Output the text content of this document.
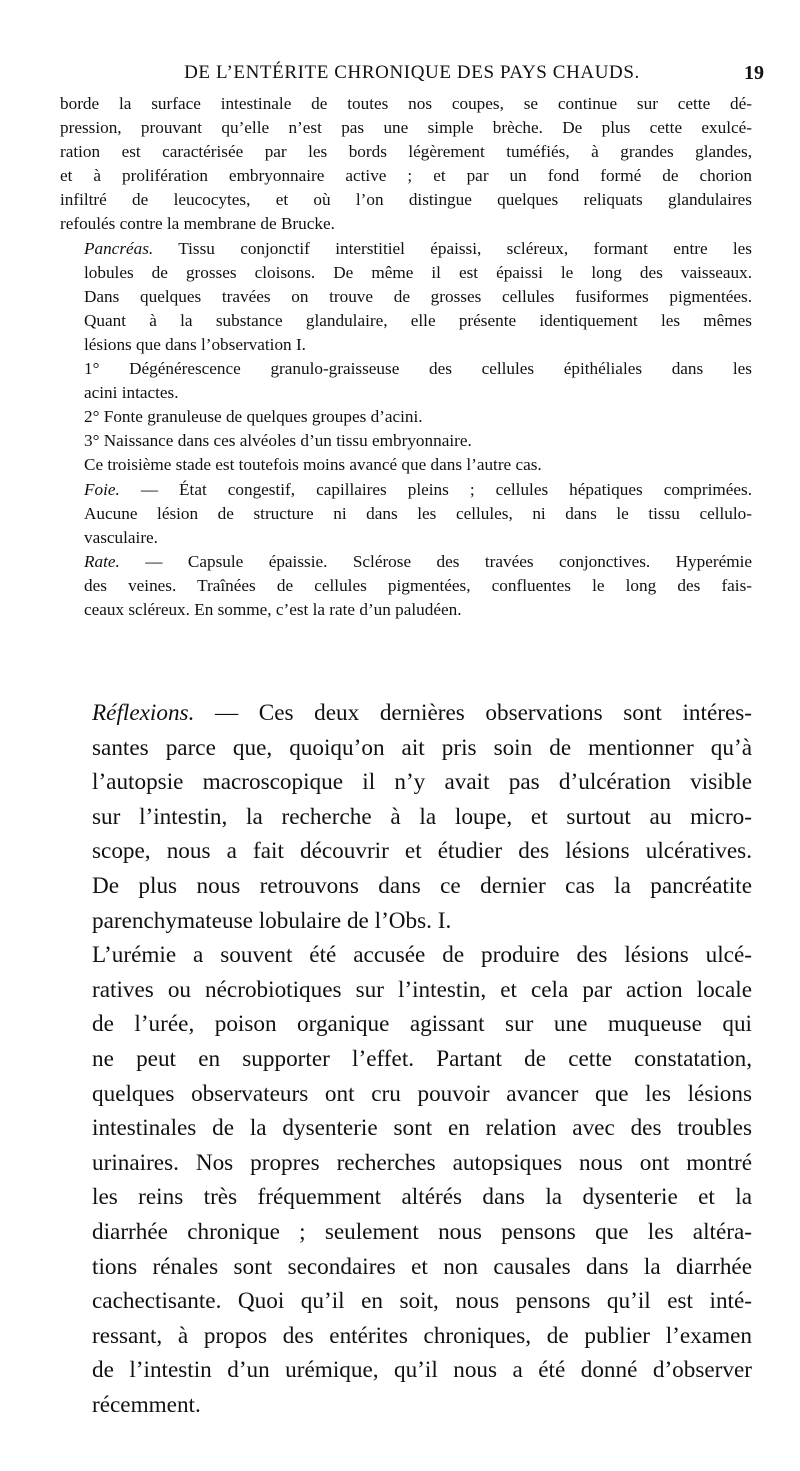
DE L’ENTÉRITE CHRONIQUE DES PAYS CHAUDS.	19

borde la surface intestinale de toutes nos coupes, se continue sur cette dé-
pression, prouvant qu’elle n’est pas une simple brèche. De plus cette exulcé-
ration est caractérisée par les bords légèrement tuméfiés, à grandes glandes,
et à prolifération embryonnaire active ; et par un fond formé de chorion
infiltré de leucocytes, et où l’on distingue quelques reliquats glandulaires
refoulés contre la membrane de Brucke.

Pancréas. Tissu conjonctif interstitiel épaissi, scléreux, formant entre les
lobules de grosses cloisons. De même il est épaissi le long des vaisseaux.
Dans quelques travées on trouve de grosses cellules fusiformes pigmentées.

Quant à la substance glandulaire, elle présente identiquement les mêmes
lésions que dans l’observation I.

1° Dégénérescence granulo-graisseuse des cellules épithéliales dans les
acini intactes.

2° Fonte granuleuse de quelques groupes d’acini.

3° Naissance dans ces alvéoles d’un tissu embryonnaire.

Ce troisième stade est toutefois moins avancé que dans l’autre cas.

Foie. — État congestif, capillaires pleins ; cellules hépatiques comprimées.
Aucune lésion de structure ni dans les cellules, ni dans le tissu cellulo-
vasculaire.

Rate. — Capsule épaissie. Sclérose des travées conjonctives. Hyperémie
des veines. Traînées de cellules pigmentées, confluentes le long des fais-
ceaux scléreux. En somme, c’est la rate d’un paludéen.

Réflexions. — Ces deux dernières observations sont intéres-
santes parce que, quoiqu’on ait pris soin de mentionner qu’à
l’autopsie macroscopique il n’y avait pas d’ulcération visible
sur l’intestin, la recherche à la loupe, et surtout au micro-
scope, nous a fait découvrir et étudier des lésions ulcératives.
De plus nous retrouvons dans ce dernier cas la pancréatite
parenchymateuse lobulaire de l’Obs. I.

L’urémie a souvent été accusée de produire des lésions ulcé-
ratives ou nécrobiotiques sur l’intestin, et cela par action locale
de l’urée, poison organique agissant sur une muqueuse qui
ne peut en supporter l’effet. Partant de cette constatation,
quelques observateurs ont cru pouvoir avancer que les lésions
intestinales de la dysenterie sont en relation avec des troubles
urinaires. Nos propres recherches autopsiques nous ont montré
les reins très fréquemment altérés dans la dysenterie et la
diarrhée chronique ; seulement nous pensons que les altéra-
tions rénales sont secondaires et non causales dans la diarrhée
cachectisante. Quoi qu’il en soit, nous pensons qu’il est inté-
ressant, à propos des entérites chroniques, de publier l’examen
de l’intestin d’un urémique, qu’il nous a été donné d’observer
récemment.
